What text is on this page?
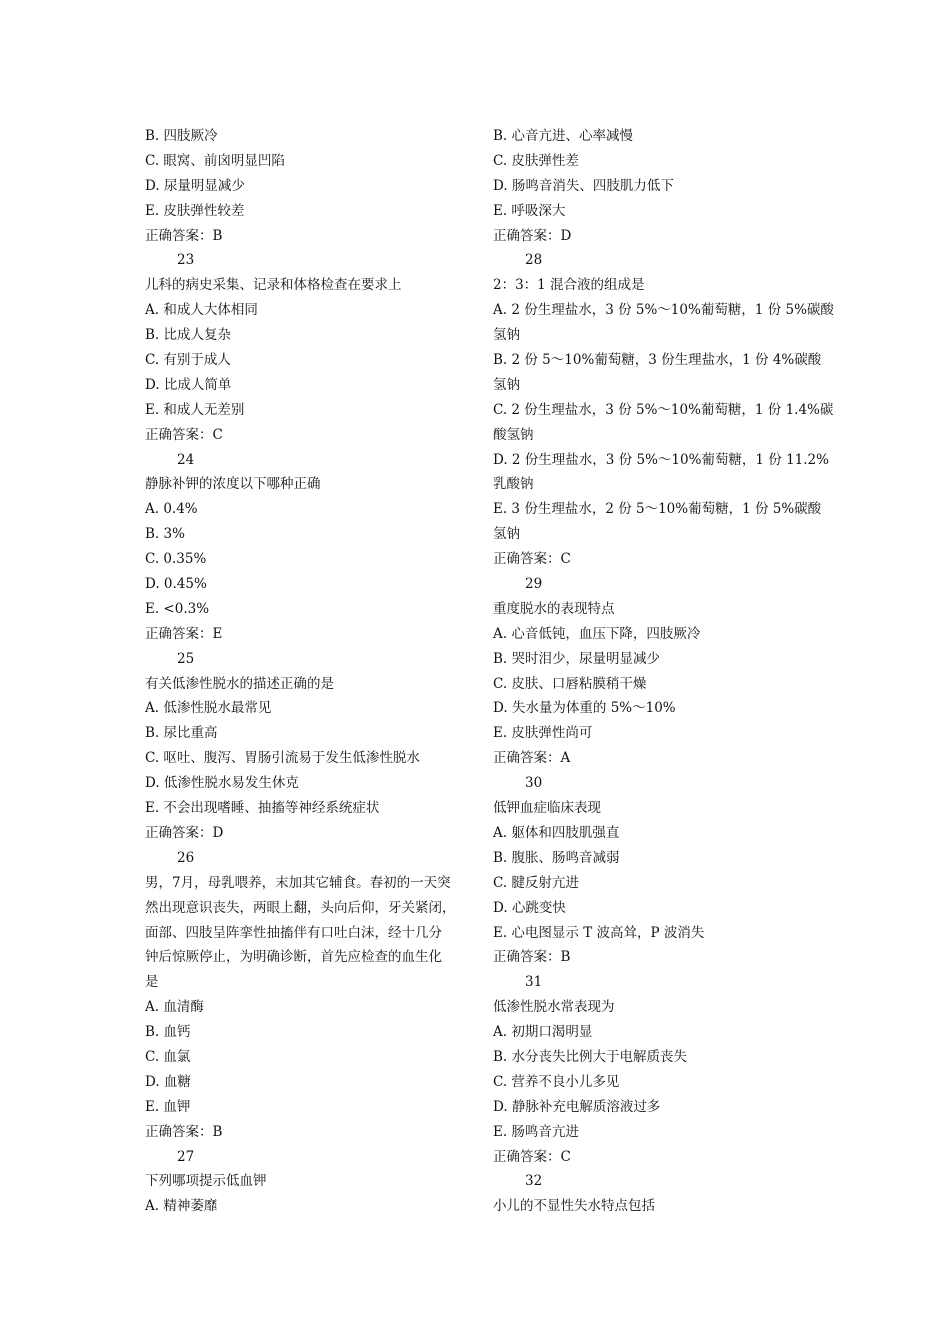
B. 四肢厥冷
C. 眼窝、前囟明显凹陷
D. 尿量明显减少
E. 皮肤弹性较差
正确答案：B
23
儿科的病史采集、记录和体格检查在要求上
A. 和成人大体相同
B. 比成人复杂
C. 有别于成人
D. 比成人简单
E. 和成人无差别
正确答案：C
24
静脉补钾的浓度以下哪种正确
A. 0.4%
B. 3%
C. 0.35%
D. 0.45%
E. <0.3%
正确答案：E
25
有关低渗性脱水的描述正确的是
A. 低渗性脱水最常见
B. 尿比重高
C. 呕吐、腹泻、胃肠引流易于发生低渗性脱水
D. 低渗性脱水易发生休克
E. 不会出现嗜睡、抽搐等神经系统症状
正确答案：D
26
男，7月，母乳喂养，末加其它辅食。春初的一天突
然出现意识丧失，两眼上翻，头向后仰，牙关紧闭，
面部、四肢呈阵挛性抽搐伴有口吐白沫，经十几分
钟后惊厥停止，为明确诊断，首先应检查的血生化
是
A. 血清酶
B. 血钙
C. 血氯
D. 血糖
E. 血钾
正确答案：B
27
下列哪项提示低血钾
A. 精神萎靡
B. 心音亢进、心率减慢
C. 皮肤弹性差
D. 肠鸣音消失、四肢肌力低下
E. 呼吸深大
正确答案：D
28
2：3：1 混合液的组成是
A. 2 份生理盐水，3 份 5%～10%葡萄糖，1 份 5%碳酸
氢钠
B. 2 份 5～10%葡萄糖，3 份生理盐水，1 份 4%碳酸
氢钠
C. 2 份生理盐水，3 份 5%～10%葡萄糖，1 份 1.4%碳
酸氢钠
D. 2 份生理盐水，3 份 5%～10%葡萄糖，1 份 11.2%
乳酸钠
E. 3 份生理盐水，2 份 5～10%葡萄糖，1 份 5%碳酸
氢钠
正确答案：C
29
重度脱水的表现特点
A. 心音低钝，血压下降，四肢厥冷
B. 哭时泪少，尿量明显减少
C. 皮肤、口唇粘膜稍干燥
D. 失水量为体重的 5%～10%
E. 皮肤弹性尚可
正确答案：A
30
低钾血症临床表现
A. 躯体和四肢肌强直
B. 腹胀、肠鸣音减弱
C. 腱反射亢进
D. 心跳变快
E. 心电图显示 T 波高耸，P 波消失
正确答案：B
31
低渗性脱水常表现为
A. 初期口渴明显
B. 水分丧失比例大于电解质丧失
C. 营养不良小儿多见
D. 静脉补充电解质溶液过多
E. 肠鸣音亢进
正确答案：C
32
小儿的不显性失水特点包括
